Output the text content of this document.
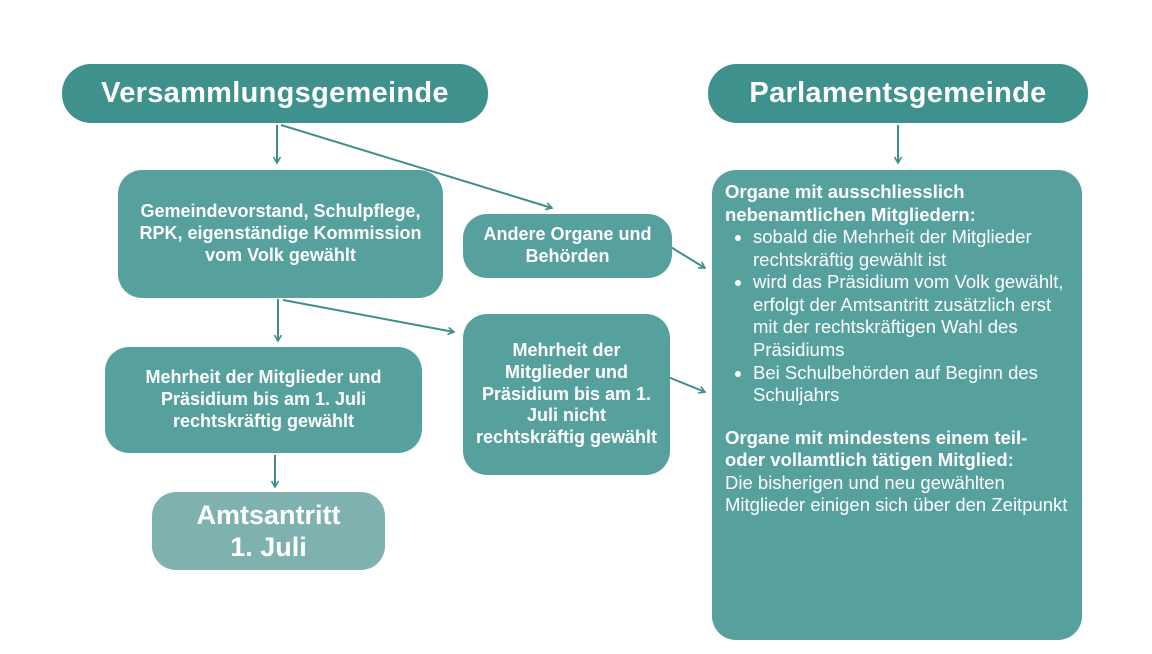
Versammlungsgemeinde	Parlamentsgemeinde
Gemeindevorstand, Schulpflege, RPK, eigenständige Kommission vom Volk gewählt
Andere Organe und Behörden
Mehrheit der Mitglieder und Präsidium bis am 1. Juli rechtskräftig gewählt
Mehrheit der Mitglieder und Präsidium bis am 1. Juli nicht rechtskräftig gewählt
Amtsantritt
1. Juli
Organe mit ausschliesslich nebenamtlichen Mitgliedern:
• sobald die Mehrheit der Mitglieder rechtskräftig gewählt ist
• wird das Präsidium vom Volk gewählt, erfolgt der Amtsantritt zusätzlich erst mit der rechtskräftigen Wahl des Präsidiums
• Bei Schulbehörden auf Beginn des Schuljahrs
Organe mit mindestens einem teil- oder vollamtlich tätigen Mitglied:
Die bisherigen und neu gewählten Mitglieder einigen sich über den Zeitpunkt
